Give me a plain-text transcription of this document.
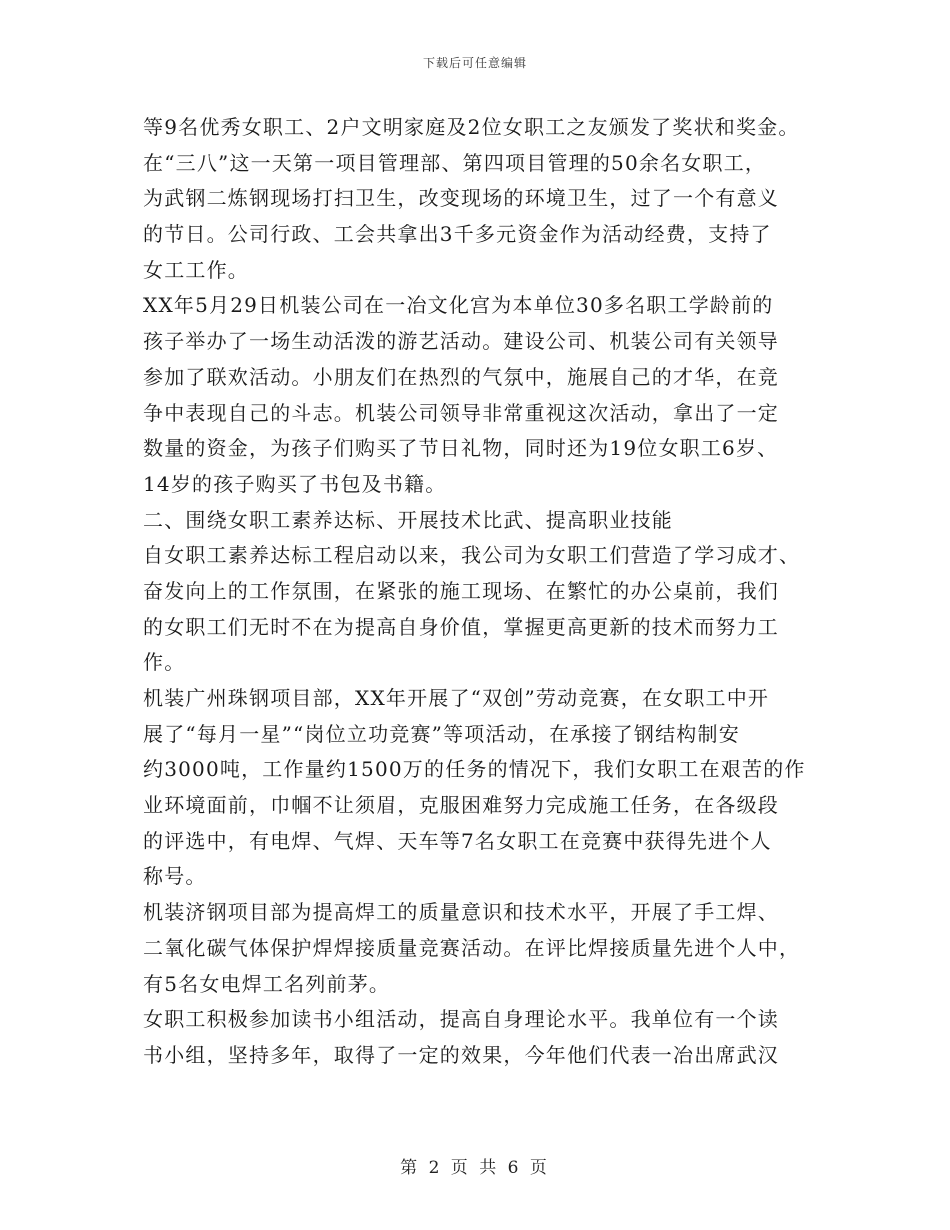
下载后可任意编辑
等9名优秀女职工、2户文明家庭及2位女职工之友颁发了奖状和奖金。
在“三八”这一天第一项目管理部、第四项目管理的50余名女职工，
为武钢二炼钢现场打扫卫生，改变现场的环境卫生，过了一个有意义
的节日。公司行政、工会共拿出3千多元资金作为活动经费，支持了
女工工作。
XX年5月29日机装公司在一冶文化宫为本单位30多名职工学龄前的
孩子举办了一场生动活泼的游艺活动。建设公司、机装公司有关领导
参加了联欢活动。小朋友们在热烈的气氛中，施展自己的才华，在竞
争中表现自己的斗志。机装公司领导非常重视这次活动，拿出了一定
数量的资金，为孩子们购买了节日礼物，同时还为19位女职工6岁、
14岁的孩子购买了书包及书籍。
二、围绕女职工素养达标、开展技术比武、提高职业技能
自女职工素养达标工程启动以来，我公司为女职工们营造了学习成才、
奋发向上的工作氛围，在紧张的施工现场、在繁忙的办公桌前，我们
的女职工们无时不在为提高自身价值，掌握更高更新的技术而努力工
作。
机装广州珠钢项目部，XX年开展了“双创”劳动竞赛，在女职工中开
展了“每月一星”“岗位立功竞赛”等项活动，在承接了钢结构制安
约3000吨，工作量约1500万的任务的情况下，我们女职工在艰苦的作
业环境面前，巾帼不让须眉，克服困难努力完成施工任务，在各级段
的评选中，有电焊、气焊、天车等7名女职工在竞赛中获得先进个人
称号。
机装济钢项目部为提高焊工的质量意识和技术水平，开展了手工焊、
二氧化碳气体保护焊焊接质量竞赛活动。在评比焊接质量先进个人中，
有5名女电焊工名列前茅。
女职工积极参加读书小组活动，提高自身理论水平。我单位有一个读
书小组，坚持多年，取得了一定的效果，今年他们代表一冶出席武汉
第 2 页 共 6 页
